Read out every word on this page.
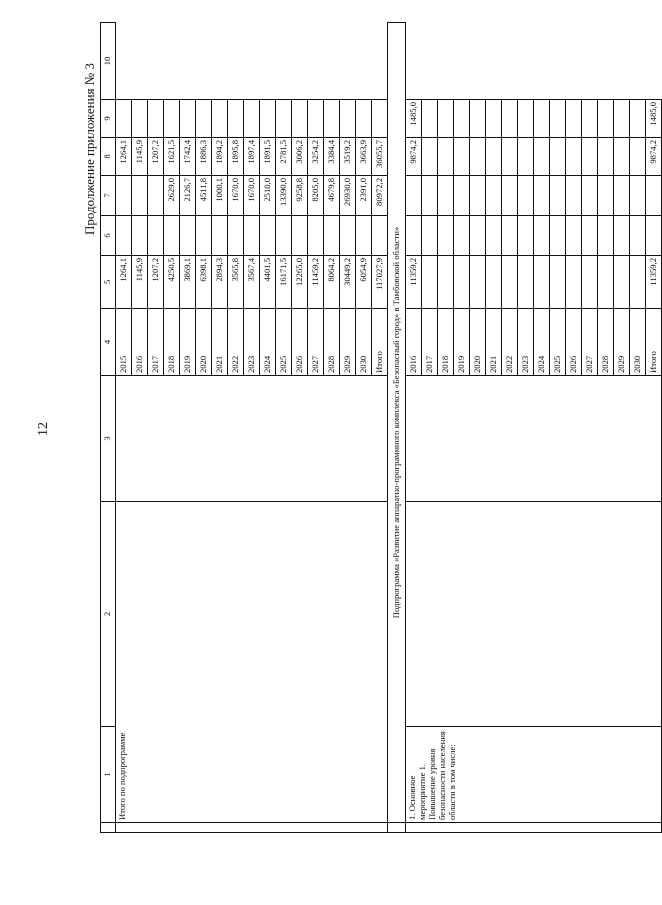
12
Продолжение приложения № 3
	1	2	3	4	5	6	7	8	9	10
	Итого по подпрограмме			2015	1264,1			1264,1		
				2016	1145,9			1145,9		
				2017	1207,2			1207,2		
				2018	4250,5		2629,0	1621,5		
				2019	3869,1		2126,7	1742,4		
				2020	6398,1		4511,8	1886,3		
				2021	2894,3		1000,1	1894,2		
				2022	3565,8		1670,0	1895,8		
				2023	3567,4		1670,0	1897,4		
				2024	4401,5		2510,0	1891,5		
				2025	16171,5		13390,0	2781,5		
				2026	12265,0		9258,8	3006,2		
				2027	11459,2		8205,0	3254,2		
				2028	8064,2		4679,8	3384,4		
				2029	30449,2		26930,0	3519,2		
				2030	6054,9		2391,0	3663,9		
				Итого	117027,9		80972,2	36055,7		
	Подпрограмма «Развитие аппаратно-программного комплекса «Безопасный город» в Тамбовской области»									

	1. Основное мероприятие 1. Повышение уровня безопасности населения области в том числе:			2016	11359,2			9874,2	1485,0	
				2017						
				2018						
				2019						
				2020						
				2021						
				2022						
				2023						
				2024						
				2025						
				2026						
				2027						
				2028						
				2029						
				2030						
				Итого	11359,2			9874,2	1485,0	
